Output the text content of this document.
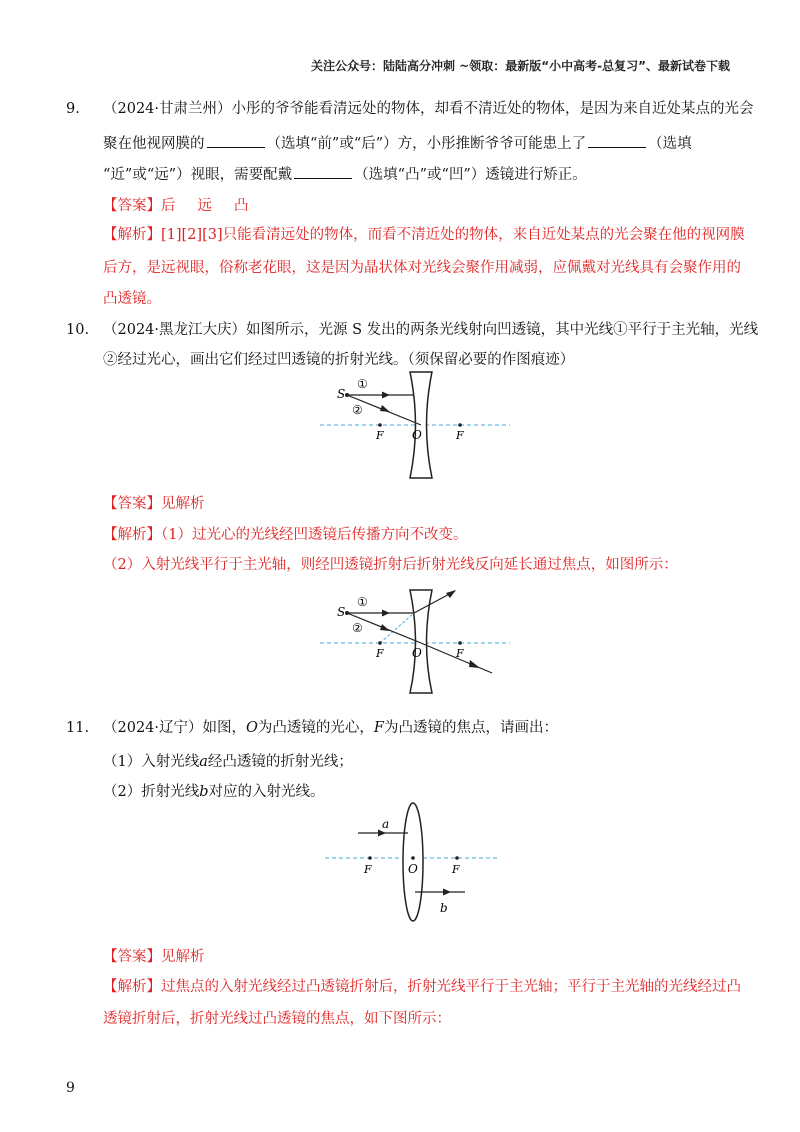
关注公众号：陆陆高分冲刺 ~领取：最新版“小中高考-总复习”、最新试卷下载
9. （2024·甘肃兰州）小彤的爷爷能看清远处的物体，却看不清近处的物体，是因为来自近处某点的光会
聚在他视网膜的	（选填“前”或“后”）方，小彤推断爷爷可能患上了	（选填
“近”或“远”）视眼，需要配戴	（选填“凸”或“凹”）透镜进行矫正。
【答案】后 远 凸
【解析】[1][2][3]只能看清远处的物体，而看不清近处的物体，来自近处某点的光会聚在他的视网膜
后方，是远视眼，俗称老花眼，这是因为晶状体对光线会聚作用减弱，应佩戴对光线具有会聚作用的
凸透镜。
10. （2024·黑龙江大庆）如图所示，光源 S 发出的两条光线射向凹透镜，其中光线①平行于主光轴，光线
②经过光心，画出它们经过凹透镜的折射光线。（须保留必要的作图痕迹）
S
①
②
F O	F
【答案】见解析
【解析】（1）过光心的光线经凹透镜后传播方向不改变。
（2）入射光线平行于主光轴，则经凹透镜折射后折射光线反向延长通过焦点，如图所示：
S
①
②
F O	F
11. （2024·辽宁）如图，O为凸透镜的光心，F为凸透镜的焦点，请画出：
（1）入射光线a经凸透镜的折射光线；
（2）折射光线b对应的入射光线。
a
b
F	O	F
【答案】见解析
【解析】过焦点的入射光线经过凸透镜折射后，折射光线平行于主光轴；平行于主光轴的光线经过凸
透镜折射后，折射光线过凸透镜的焦点，如下图所示：
9
